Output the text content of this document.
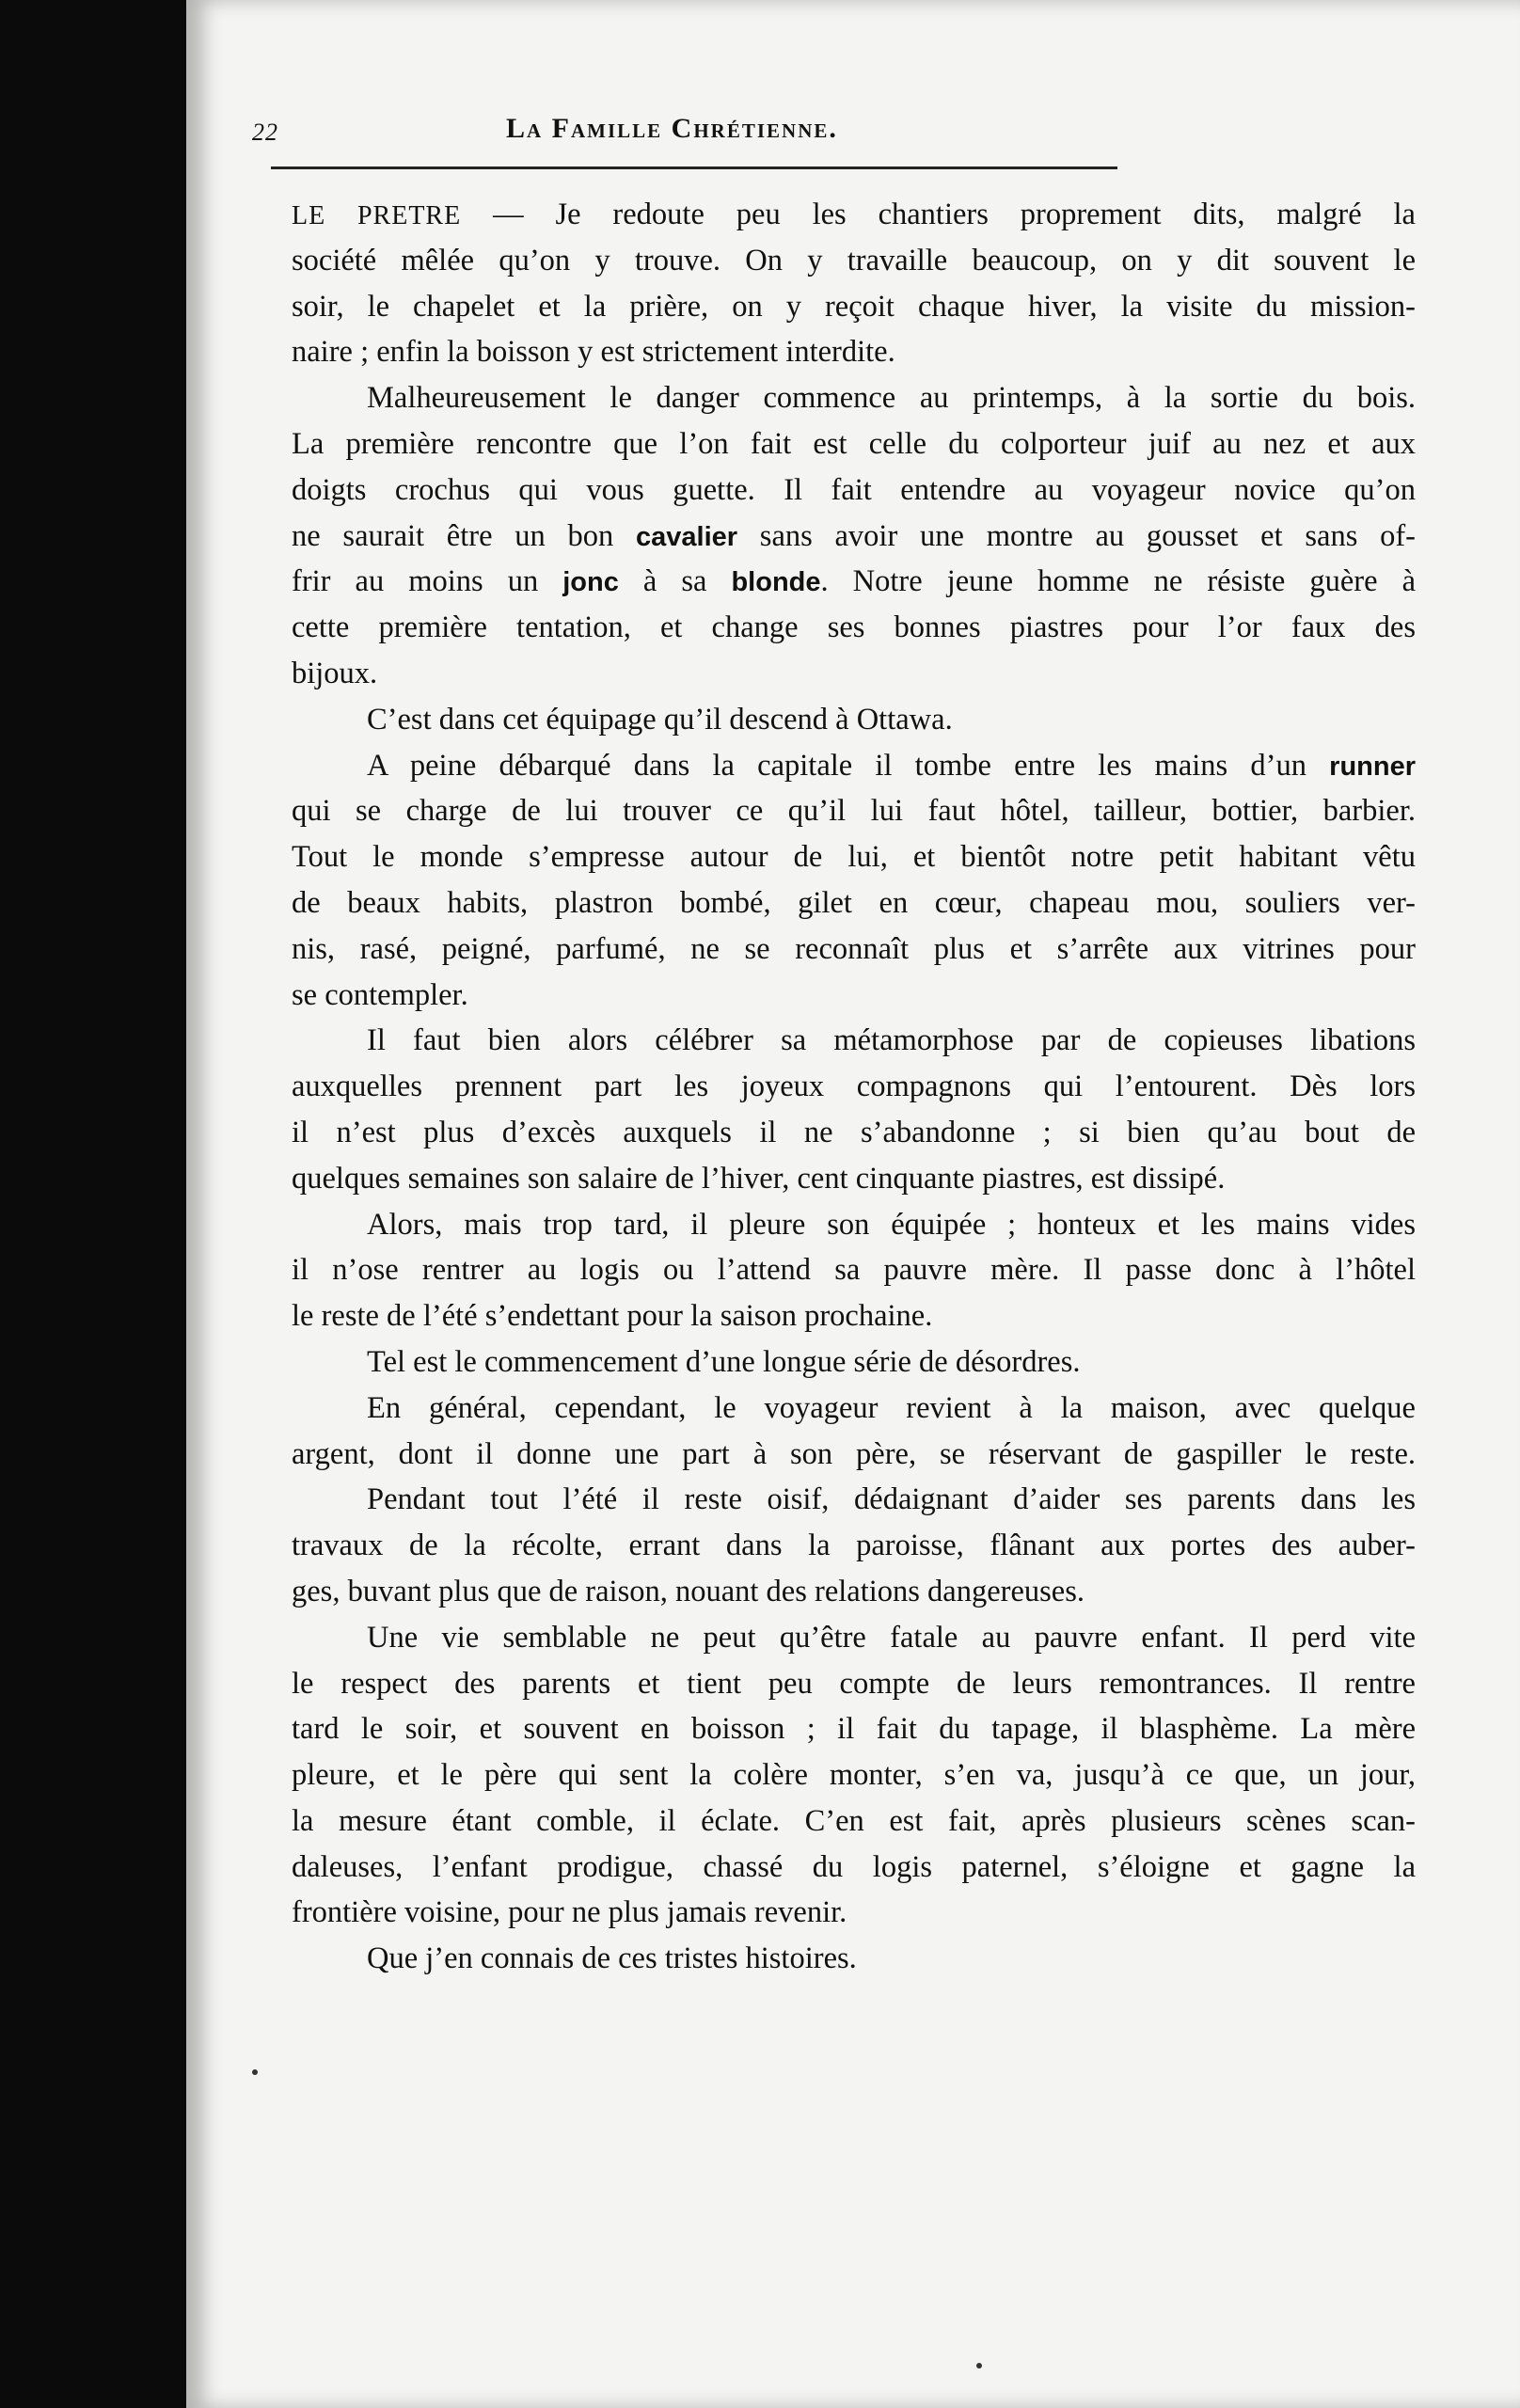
22	La Famille Chrétienne.
LE PRETRE — Je redoute peu les chantiers proprement dits, malgré la
société mêlée qu’on y trouve. On y travaille beaucoup, on y dit souvent le
soir, le chapelet et la prière, on y reçoit chaque hiver, la visite du mission-
naire ; enfin la boisson y est strictement interdite.
Malheureusement le danger commence au printemps, à la sortie du bois.
La première rencontre que l’on fait est celle du colporteur juif au nez et aux
doigts crochus qui vous guette. Il fait entendre au voyageur novice qu’on
ne saurait être un bon cavalier sans avoir une montre au gousset et sans of-
frir au moins un jonc à sa blonde. Notre jeune homme ne résiste guère à
cette première tentation, et change ses bonnes piastres pour l’or faux des
bijoux.
C’est dans cet équipage qu’il descend à Ottawa.
A peine débarqué dans la capitale il tombe entre les mains d’un runner
qui se charge de lui trouver ce qu’il lui faut hôtel, tailleur, bottier, barbier.
Tout le monde s’empresse autour de lui, et bientôt notre petit habitant vêtu
de beaux habits, plastron bombé, gilet en cœur, chapeau mou, souliers ver-
nis, rasé, peigné, parfumé, ne se reconnaît plus et s’arrête aux vitrines pour
se contempler.
Il faut bien alors célébrer sa métamorphose par de copieuses libations
auxquelles prennent part les joyeux compagnons qui l’entourent. Dès lors
il n’est plus d’excès auxquels il ne s’abandonne ; si bien qu’au bout de
quelques semaines son salaire de l’hiver, cent cinquante piastres, est dissipé.
Alors, mais trop tard, il pleure son équipée ; honteux et les mains vides
il n’ose rentrer au logis ou l’attend sa pauvre mère. Il passe donc à l’hôtel
le reste de l’été s’endettant pour la saison prochaine.
Tel est le commencement d’une longue série de désordres.
En général, cependant, le voyageur revient à la maison, avec quelque
argent, dont il donne une part à son père, se réservant de gaspiller le reste.
Pendant tout l’été il reste oisif, dédaignant d’aider ses parents dans les
travaux de la récolte, errant dans la paroisse, flânant aux portes des auber-
ges, buvant plus que de raison, nouant des relations dangereuses.
Une vie semblable ne peut qu’être fatale au pauvre enfant. Il perd vite
le respect des parents et tient peu compte de leurs remontrances. Il rentre
tard le soir, et souvent en boisson ; il fait du tapage, il blasphème. La mère
pleure, et le père qui sent la colère monter, s’en va, jusqu’à ce que, un jour,
la mesure étant comble, il éclate. C’en est fait, après plusieurs scènes scan-
daleuses, l’enfant prodigue, chassé du logis paternel, s’éloigne et gagne la
frontière voisine, pour ne plus jamais revenir.
Que j’en connais de ces tristes histoires.
